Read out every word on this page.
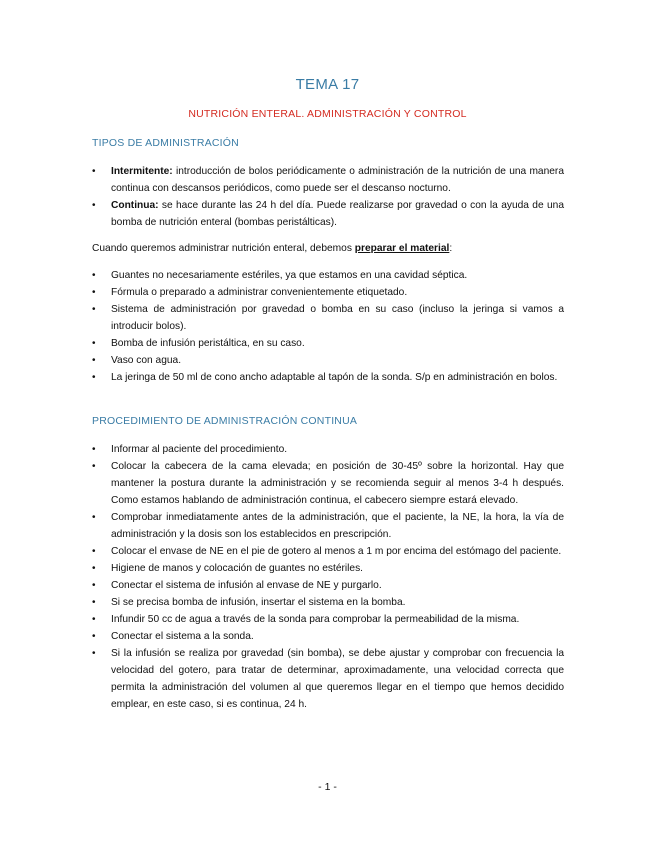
TEMA 17
NUTRICIÓN ENTERAL. ADMINISTRACIÓN Y CONTROL
TIPOS DE ADMINISTRACIÓN
• Intermitente: introducción de bolos periódicamente o administración de la nutrición de una manera continua con descansos periódicos, como puede ser el descanso nocturno.
• Continua: se hace durante las 24 h del día. Puede realizarse por gravedad o con la ayuda de una bomba de nutrición enteral (bombas peristálticas).
Cuando queremos administrar nutrición enteral, debemos preparar el material:
• Guantes no necesariamente estériles, ya que estamos en una cavidad séptica.
• Fórmula o preparado a administrar convenientemente etiquetado.
• Sistema de administración por gravedad o bomba en su caso (incluso la jeringa si vamos a introducir bolos).
• Bomba de infusión peristáltica, en su caso.
• Vaso con agua.
• La jeringa de 50 ml de cono ancho adaptable al tapón de la sonda. S/p en administración en bolos.
PROCEDIMIENTO DE ADMINISTRACIÓN CONTINUA
• Informar al paciente del procedimiento.
• Colocar la cabecera de la cama elevada; en posición de 30-45º sobre la horizontal. Hay que mantener la postura durante la administración y se recomienda seguir al menos 3-4 h después. Como estamos hablando de administración continua, el cabecero siempre estará elevado.
• Comprobar inmediatamente antes de la administración, que el paciente, la NE, la hora, la vía de administración y la dosis son los establecidos en prescripción.
• Colocar el envase de NE en el pie de gotero al menos a 1 m por encima del estómago del paciente.
• Higiene de manos y colocación de guantes no estériles.
• Conectar el sistema de infusión al envase de NE y purgarlo.
• Si se precisa bomba de infusión, insertar el sistema en la bomba.
• Infundir 50 cc de agua a través de la sonda para comprobar la permeabilidad de la misma.
• Conectar el sistema a la sonda.
• Si la infusión se realiza por gravedad (sin bomba), se debe ajustar y comprobar con frecuencia la velocidad del gotero, para tratar de determinar, aproximadamente, una velocidad correcta que permita la administración del volumen al que queremos llegar en el tiempo que hemos decidido emplear, en este caso, si es continua, 24 h.
- 1 -
